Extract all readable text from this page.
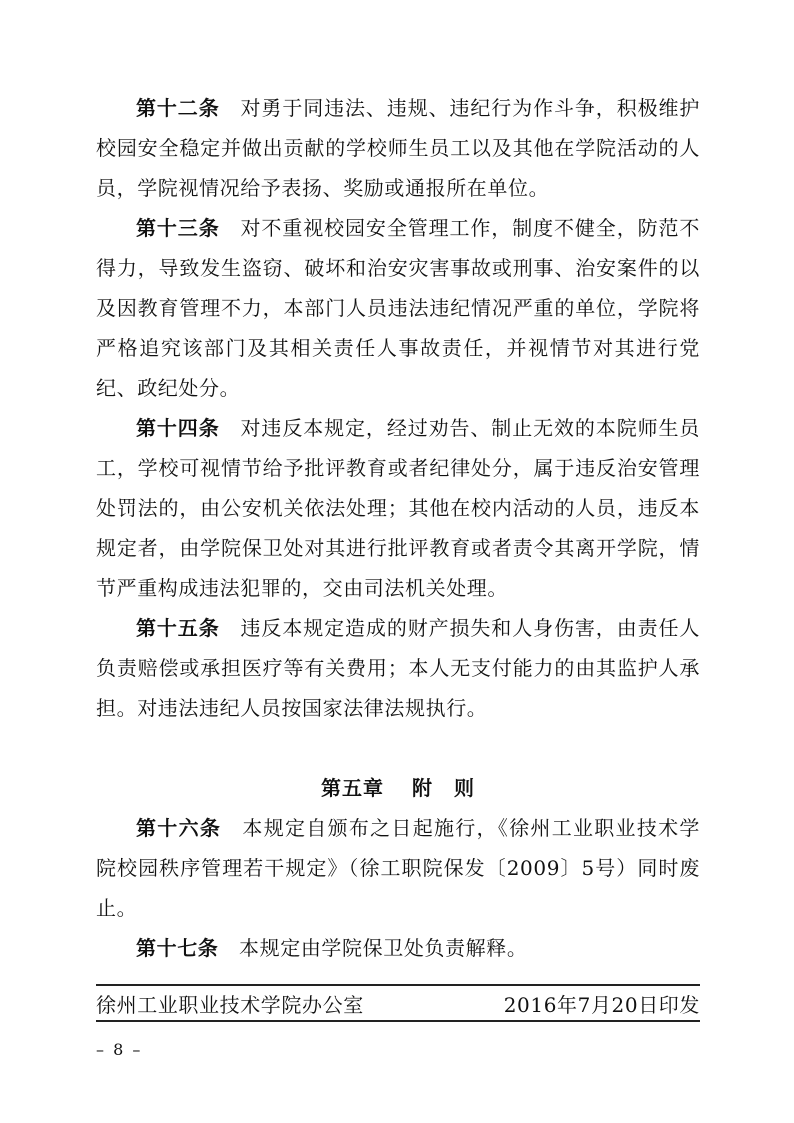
第十二条  对勇于同违法、违规、违纪行为作斗争，积极维护校园安全稳定并做出贡献的学校师生员工以及其他在学院活动的人员，学院视情况给予表扬、奖励或通报所在单位。

第十三条  对不重视校园安全管理工作，制度不健全，防范不得力，导致发生盗窃、破坏和治安灾害事故或刑事、治安案件的以及因教育管理不力，本部门人员违法违纪情况严重的单位，学院将严格追究该部门及其相关责任人事故责任，并视情节对其进行党纪、政纪处分。

第十四条  对违反本规定，经过劝告、制止无效的本院师生员工，学校可视情节给予批评教育或者纪律处分，属于违反治安管理处罚法的，由公安机关依法处理；其他在校内活动的人员，违反本规定者，由学院保卫处对其进行批评教育或者责令其离开学院，情节严重构成违法犯罪的，交由司法机关处理。

第十五条  违反本规定造成的财产损失和人身伤害，由责任人负责赔偿或承担医疗等有关费用；本人无支付能力的由其监护人承担。对违法违纪人员按国家法律法规执行。

第五章 附　则

第十六条  本规定自颁布之日起施行，《徐州工业职业技术学院校园秩序管理若干规定》（徐工职院保发〔2009〕5号）同时废止。

第十七条  本规定由学院保卫处负责解释。

徐州工业职业技术学院办公室	2016年7月20日印发
– 8 –
